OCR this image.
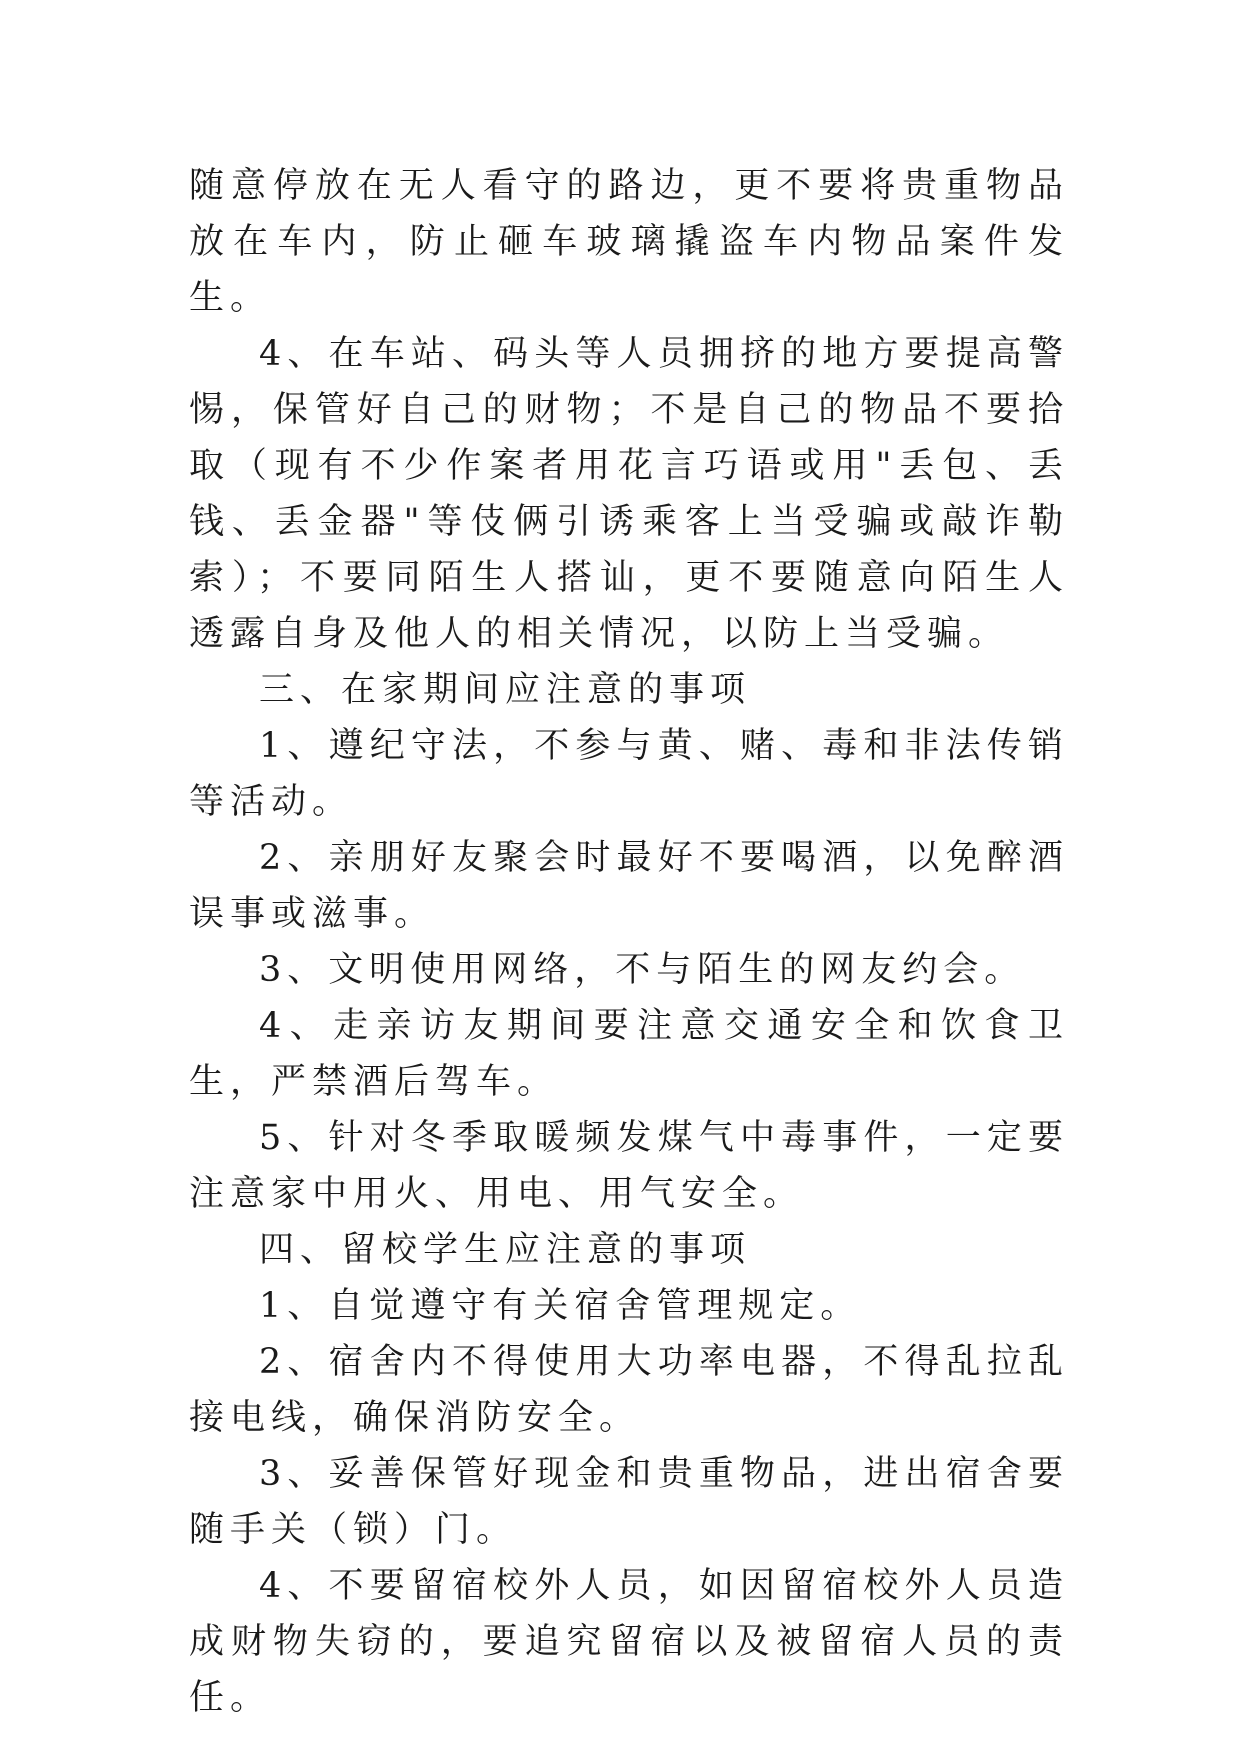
随意停放在无人看守的路边，更不要将贵重物品放在车内，防止砸车玻璃撬盗车内物品案件发生。

4、在车站、码头等人员拥挤的地方要提高警惕，保管好自己的财物；不是自己的物品不要拾取（现有不少作案者用花言巧语或用"丢包、丢钱、丢金器"等伎俩引诱乘客上当受骗或敲诈勒索）；不要同陌生人搭讪，更不要随意向陌生人透露自身及他人的相关情况，以防上当受骗。

三、在家期间应注意的事项

1、遵纪守法，不参与黄、赌、毒和非法传销等活动。

2、亲朋好友聚会时最好不要喝酒，以免醉酒误事或滋事。

3、文明使用网络，不与陌生的网友约会。

4、走亲访友期间要注意交通安全和饮食卫生，严禁酒后驾车。

5、针对冬季取暖频发煤气中毒事件，一定要注意家中用火、用电、用气安全。

四、留校学生应注意的事项

1、自觉遵守有关宿舍管理规定。

2、宿舍内不得使用大功率电器，不得乱拉乱接电线，确保消防安全。

3、妥善保管好现金和贵重物品，进出宿舍要随手关（锁）门。

4、不要留宿校外人员，如因留宿校外人员造成财物失窃的，要追究留宿以及被留宿人员的责任。
